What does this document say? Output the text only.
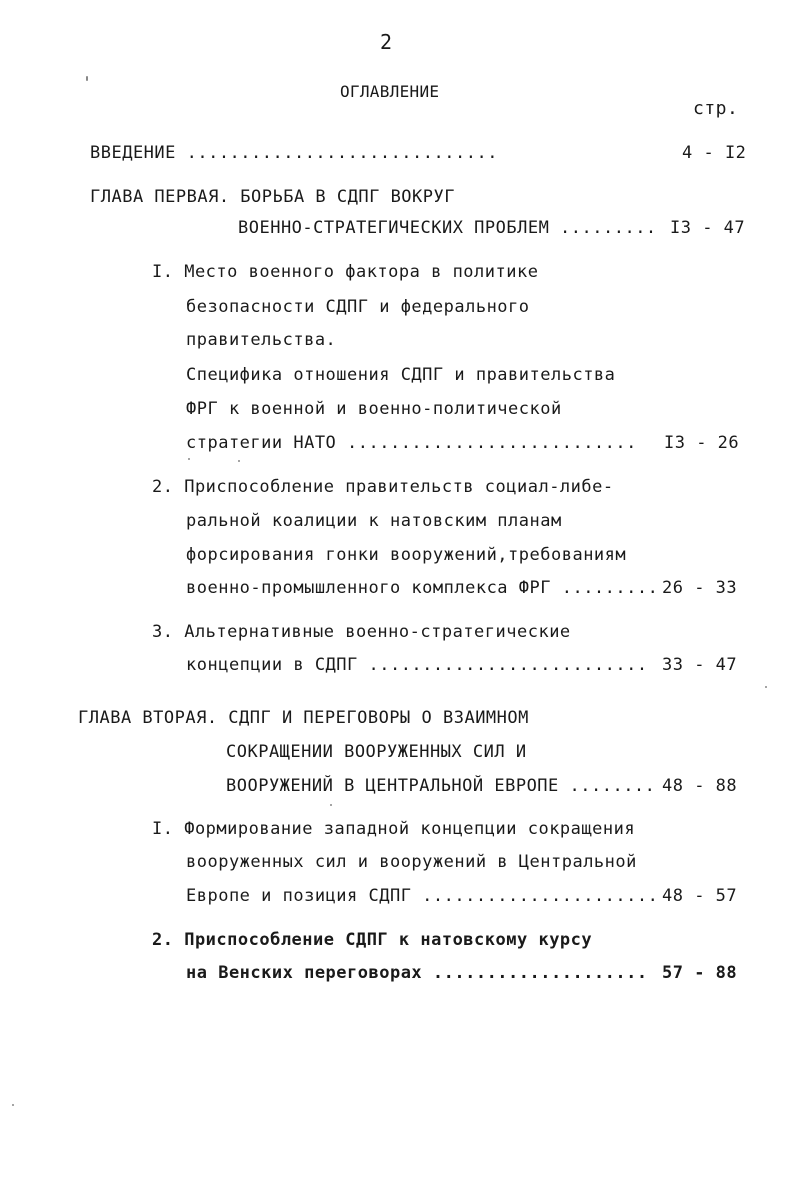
2
ОГЛАВЛЕНИЕ
стр.
ВВЕДЕНИЕ .............................	4 - I2
ГЛАВА ПЕРВАЯ. БОРЬБА В СДПГ ВОКРУГ
ВОЕННО-СТРАТЕГИЧЕСКИХ ПРОБЛЕМ ......... I3 - 47
I. Место военного фактора в политике
безопасности СДПГ и федерального
правительства.
Специфика отношения СДПГ и правительства
ФРГ к военной и военно-политической
стратегии НАТО ........................... I3 - 26
2. Приспособление правительств социал-либе-
ральной коалиции к натовским планам
форсирования гонки вооружений,требованиям
военно-промышленного комплекса ФРГ ......... 26 - 33
3. Альтернативные военно-стратегические
концепции в СДПГ .......................... 33 - 47
ГЛАВА ВТОРАЯ. СДПГ И ПЕРЕГОВОРЫ О ВЗАИМНОМ
СОКРАЩЕНИИ ВООРУЖЕННЫХ СИЛ И
ВООРУЖЕНИЙ В ЦЕНТРАЛЬНОЙ ЕВРОПЕ ........ 48 - 88
I. Формирование западной концепции сокращения
вооруженных сил и вооружений в Центральной
Европе и позиция СДПГ ...................... 48 - 57
2. Приспособление СДПГ к натовскому курсу
на Венских переговорах .................... 57 - 88
